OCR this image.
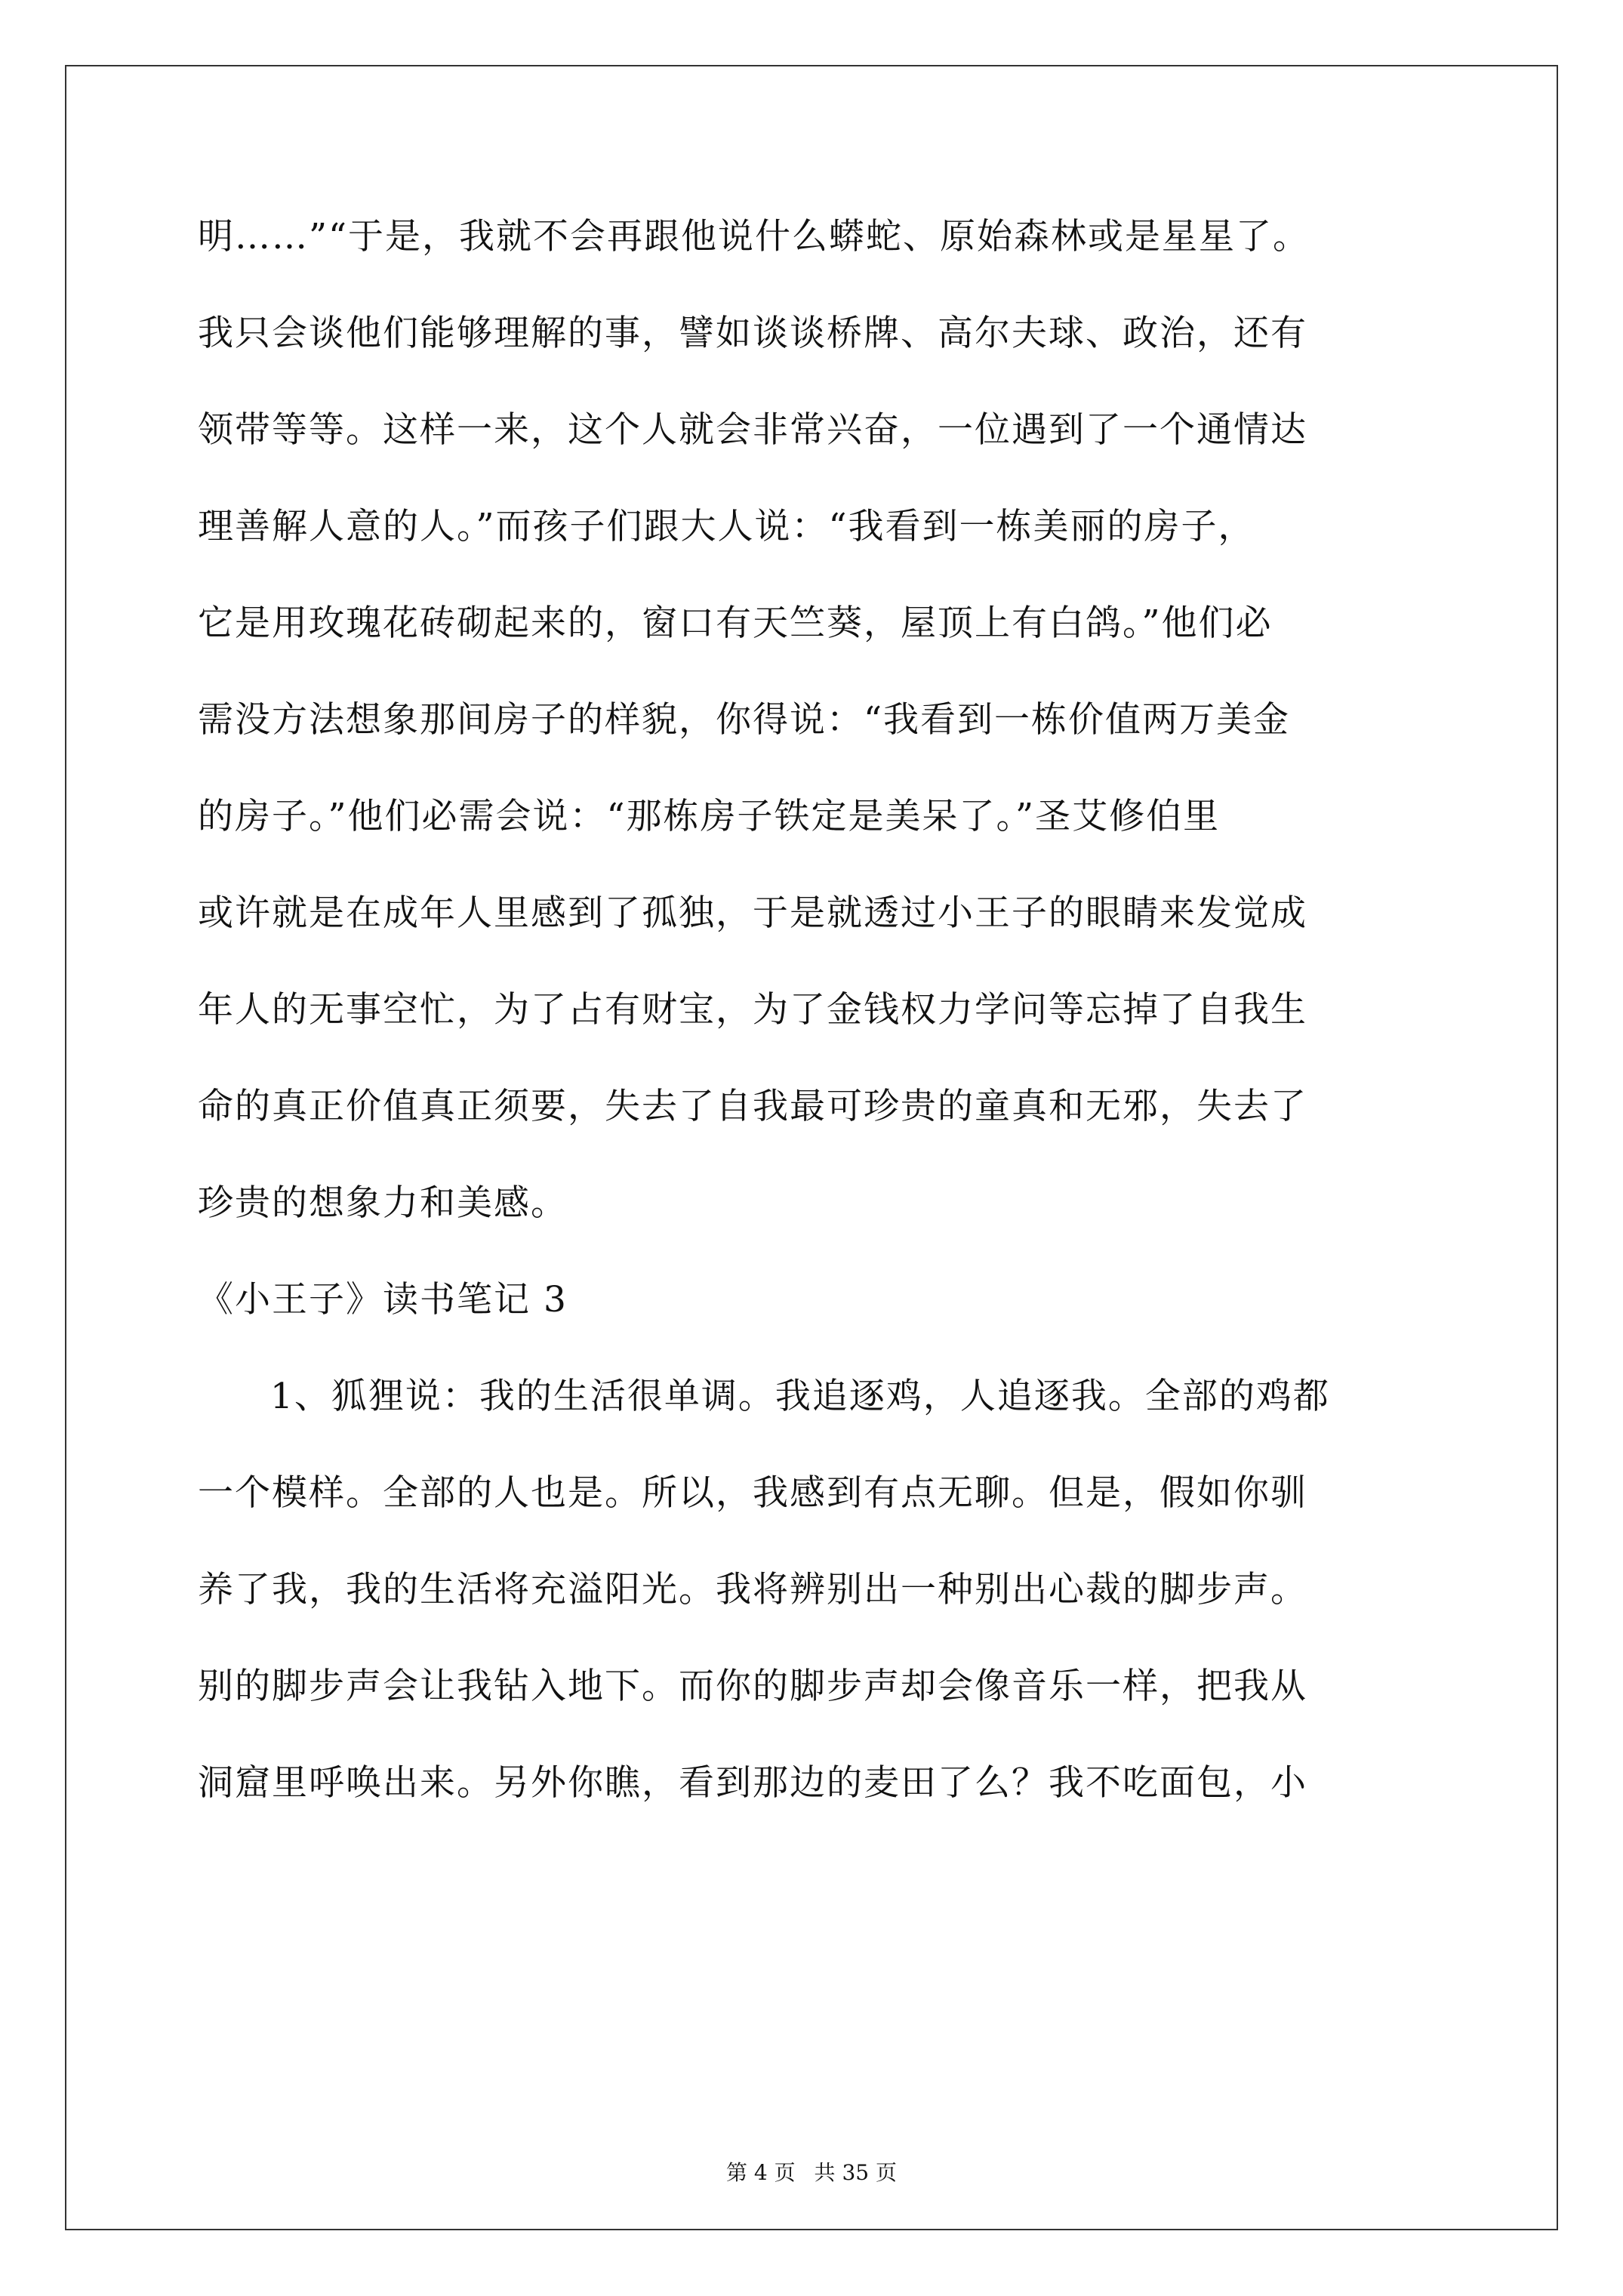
明……”“于是，我就不会再跟他说什么蟒蛇、原始森林或是星星了。
我只会谈他们能够理解的事，譬如谈谈桥牌、高尔夫球、政治，还有
领带等等。这样一来，这个人就会非常兴奋，一位遇到了一个通情达
理善解人意的人。”而孩子们跟大人说：“我看到一栋美丽的房子，
它是用玫瑰花砖砌起来的，窗口有天竺葵，屋顶上有白鸽。”他们必
需没方法想象那间房子的样貌，你得说：“我看到一栋价值两万美金
的房子。”他们必需会说：“那栋房子铁定是美呆了。”圣艾修伯里
或许就是在成年人里感到了孤独，于是就透过小王子的眼睛来发觉成
年人的无事空忙，为了占有财宝，为了金钱权力学问等忘掉了自我生
命的真正价值真正须要，失去了自我最可珍贵的童真和无邪，失去了
珍贵的想象力和美感。
《小王子》读书笔记 3
1、狐狸说：我的生活很单调。我追逐鸡，人追逐我。全部的鸡都
一个模样。全部的人也是。所以，我感到有点无聊。但是，假如你驯
养了我，我的生活将充溢阳光。我将辨别出一种别出心裁的脚步声。
别的脚步声会让我钻入地下。而你的脚步声却会像音乐一样，把我从
洞窟里呼唤出来。另外你瞧，看到那边的麦田了么？我不吃面包，小
第 4 页 共 35 页
